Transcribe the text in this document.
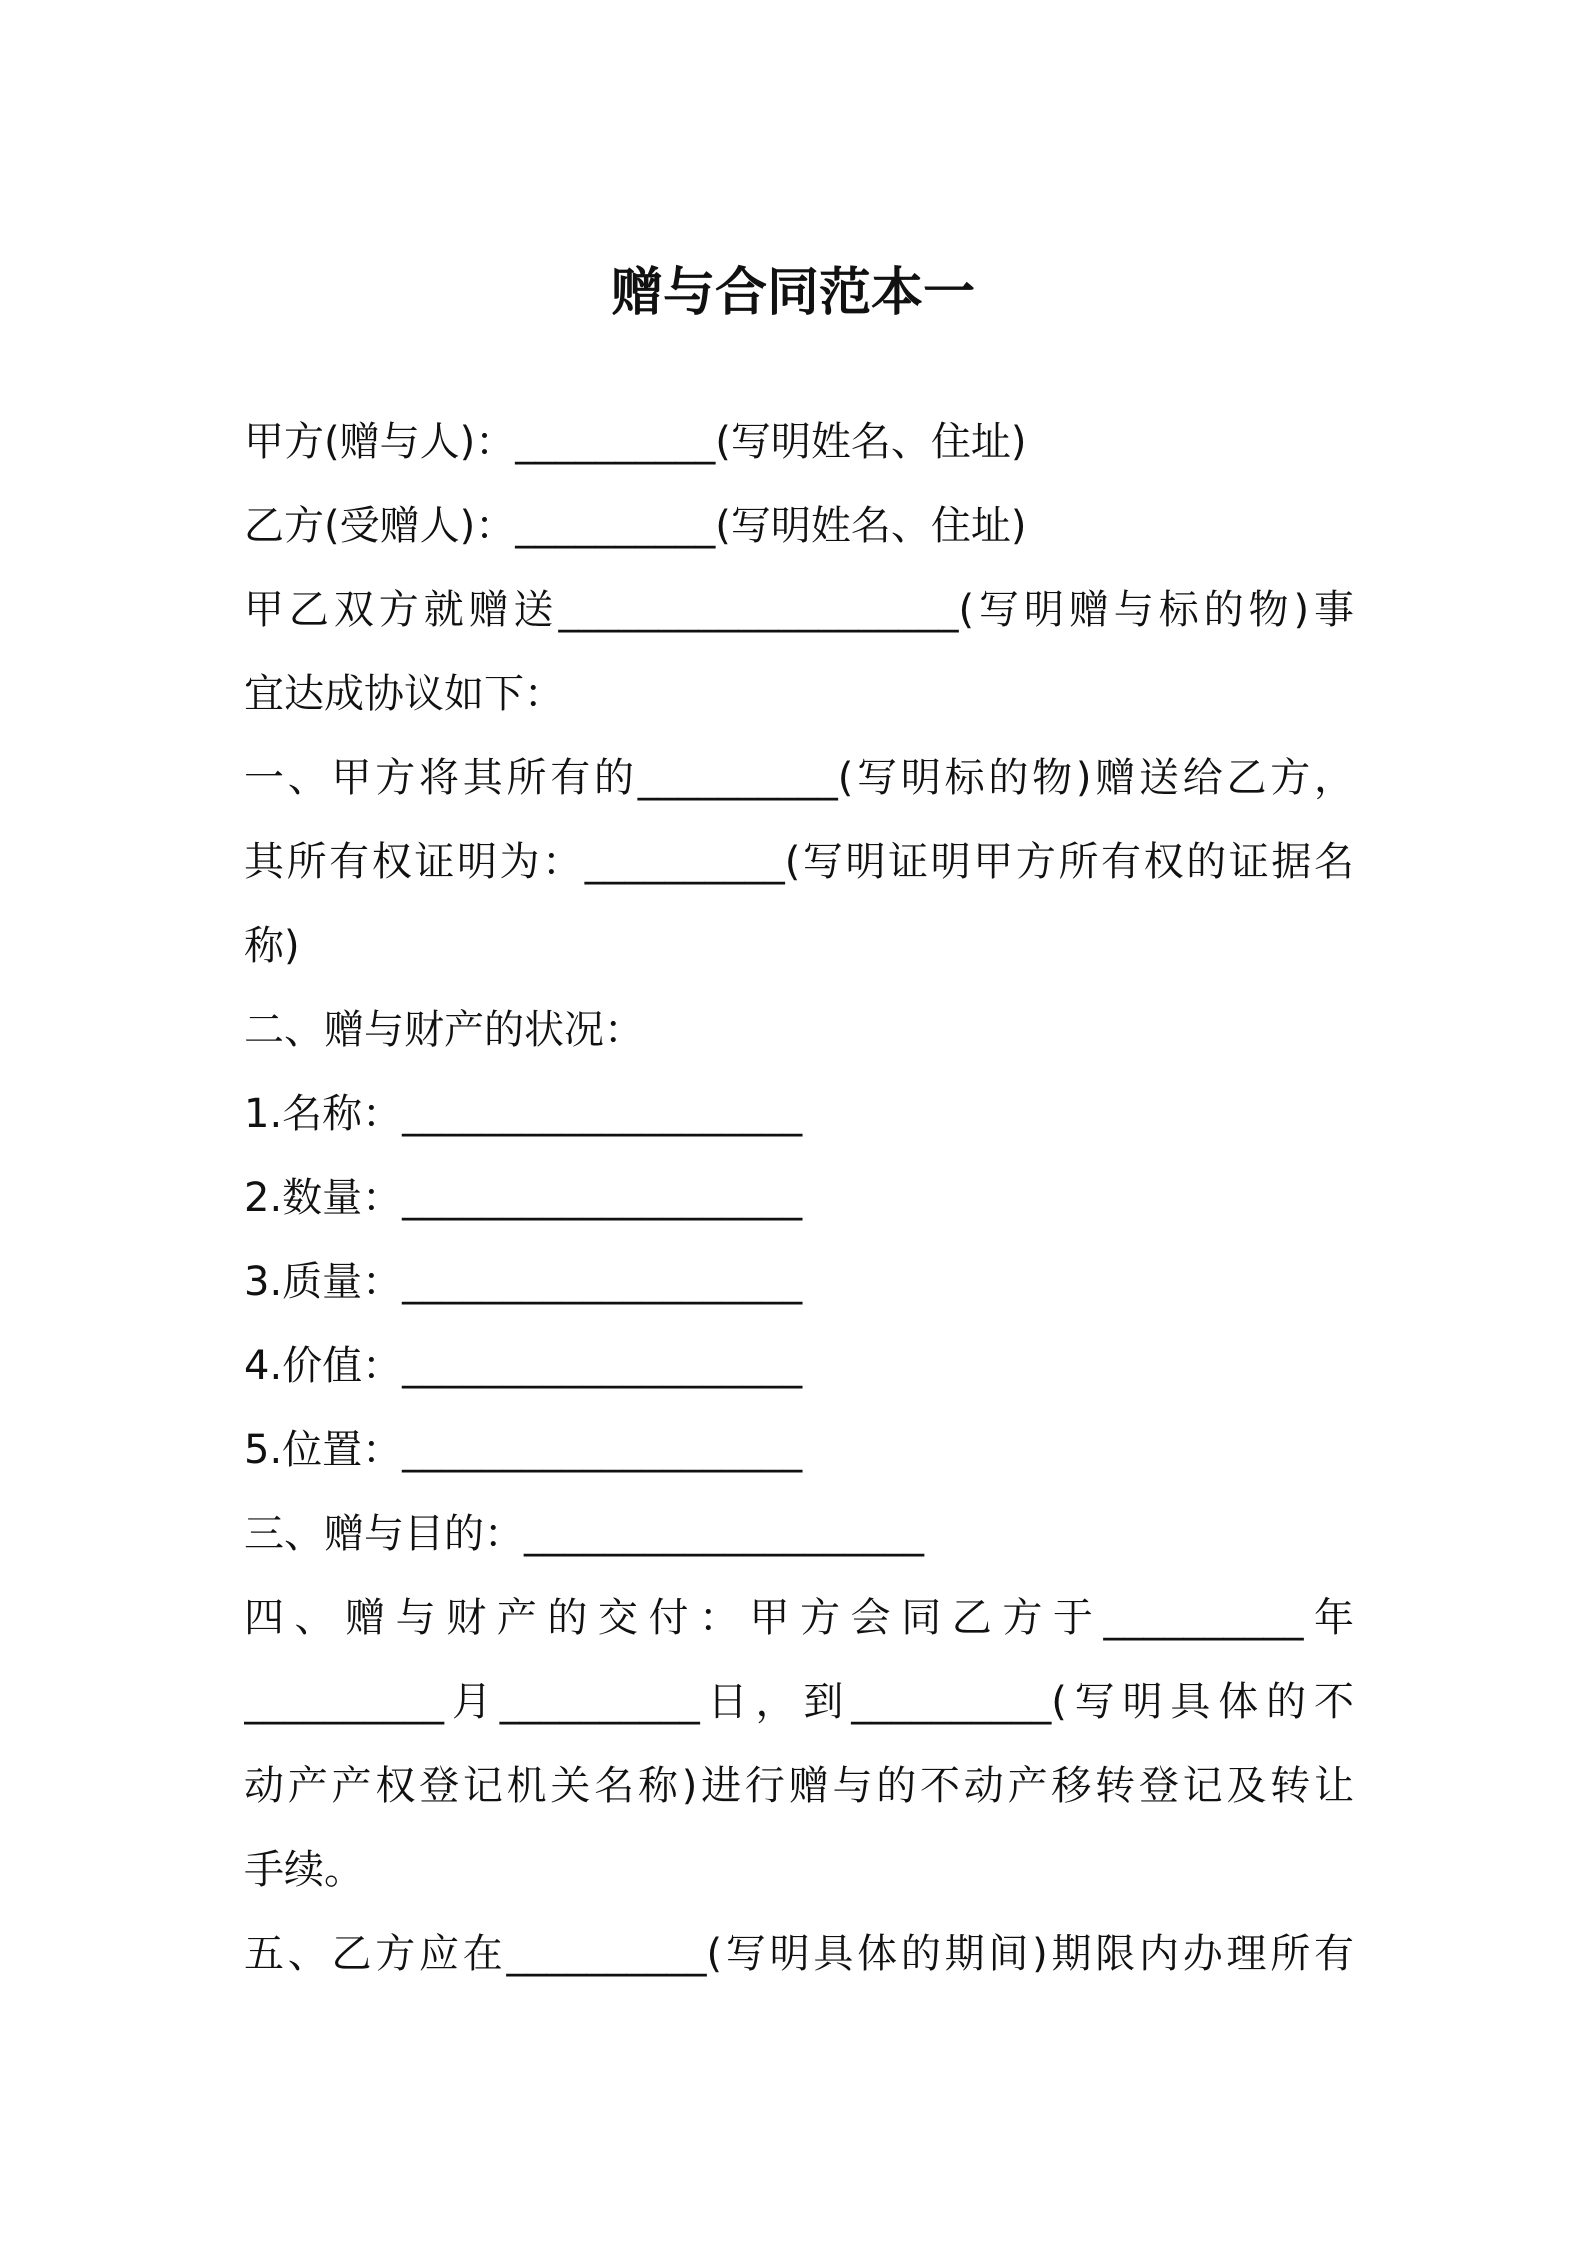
赠与合同范本一
甲方(赠与人)：__________(写明姓名、住址)
乙方(受赠人)：__________(写明姓名、住址)
甲乙双方就赠送____________________(写明赠与标的物)事
宜达成协议如下：
一、甲方将其所有的__________(写明标的物)赠送给乙方，
其所有权证明为：__________(写明证明甲方所有权的证据名
称)
二、赠与财产的状况：
1.名称：____________________
2.数量：____________________
3.质量：____________________
4.价值：____________________
5.位置：____________________
三、赠与目的：____________________
四、赠与财产的交付：甲方会同乙方于__________年
__________月__________日，到__________(写明具体的不
动产产权登记机关名称)进行赠与的不动产移转登记及转让
手续。
五、乙方应在__________(写明具体的期间)期限内办理所有
